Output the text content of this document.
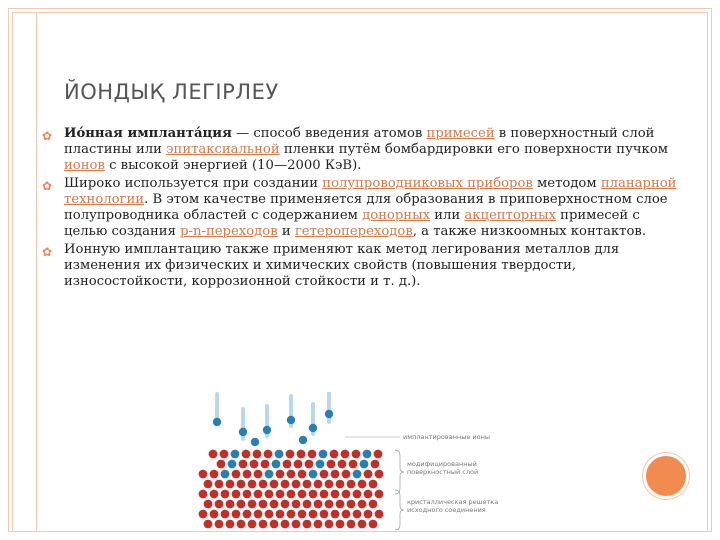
ЙОНДЫҚ ЛЕГІРЛЕУ
✿ Ио́нная импланта́ция — способ введения атомов примесей в поверхностный слой пластины или эпитаксиальной пленки путём бомбардировки его поверхности пучком ионов с высокой энергией (10—2000 КэВ).
✿ Широко используется при создании полупроводниковых приборов методом планарной технологии. В этом качестве применяется для образования в приповерхностном слое полупроводника областей с содержанием донорных или акцепторных примесей с целью создания p-n-переходов и гетеропереходов, а также низкоомных контактов.
✿ Ионную имплантацию также применяют как метод легирования металлов для изменения их физических и химических свойств (повышения твердости, износостойкости, коррозионной стойкости и т. д.).
имплантированные ионы
модифицированный
поверхностный слой
кристаллическая решетка
исходного соединения
